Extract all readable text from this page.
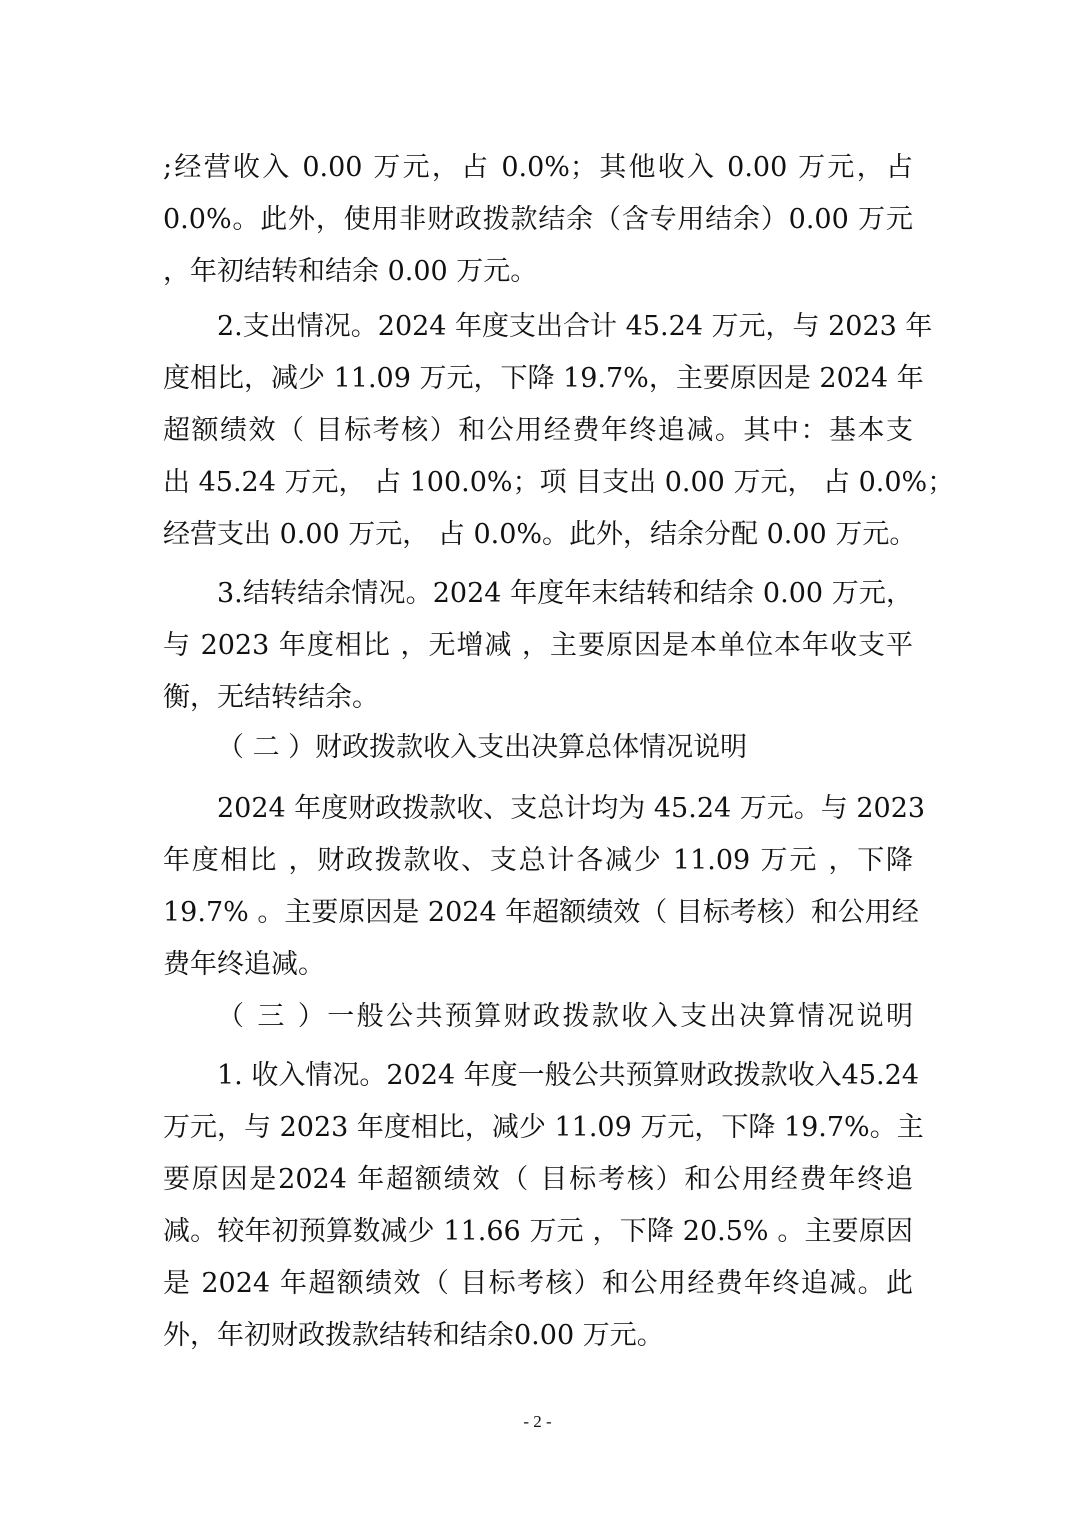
;经营收入 0.00 万元，占 0.0%；其他收入 0.00 万元，占
0.0%。此外，使用非财政拨款结余（含专用结余）0.00 万元
，年初结转和结余 0.00 万元。
2.支出情况。2024 年度支出合计 45.24 万元，与 2023 年
度相比，减少 11.09 万元，下降 19.7%，主要原因是 2024 年
超额绩效（ 目标考核）和公用经费年终追减。其中：基本支
出 45.24 万元， 占 100.0%；项 目支出 0.00 万元， 占 0.0%；
经营支出 0.00 万元， 占 0.0%。此外，结余分配 0.00 万元。
3.结转结余情况。2024 年度年末结转和结余 0.00 万元，
与 2023 年度相比 ，无增减 ，主要原因是本单位本年收支平
衡，无结转结余。
（ 二 ）财政拨款收入支出决算总体情况说明
2024 年度财政拨款收、支总计均为 45.24 万元。与 2023
年度相比 ，财政拨款收、支总计各减少 11.09 万元 ，下降
19.7% 。主要原因是 2024 年超额绩效（ 目标考核）和公用经
费年终追减。
（ 三 ）一般公共预算财政拨款收入支出决算情况说明
1. 收入情况。2024 年度一般公共预算财政拨款收入45.24
万元，与 2023 年度相比，减少 11.09 万元，下降 19.7%。主
要原因是2024 年超额绩效（ 目标考核）和公用经费年终追
减。较年初预算数减少 11.66 万元 ，下降 20.5% 。主要原因
是 2024 年超额绩效（ 目标考核）和公用经费年终追减。此
外，年初财政拨款结转和结余0.00 万元。
- 2 -
